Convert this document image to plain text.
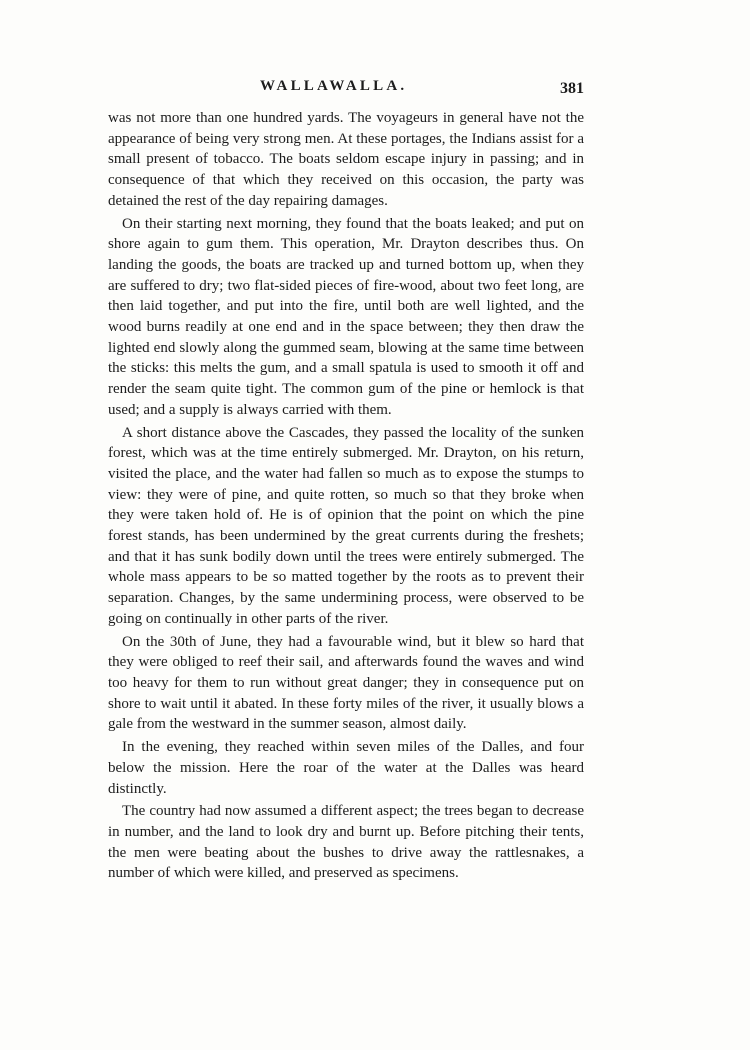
WALLAWALLA.	381

was not more than one hundred yards. The voyageurs in general have not the appearance of being very strong men. At these portages, the Indians assist for a small present of tobacco. The boats seldom escape injury in passing; and in consequence of that which they received on this occasion, the party was detained the rest of the day repairing damages.

On their starting next morning, they found that the boats leaked; and put on shore again to gum them. This operation, Mr. Drayton describes thus. On landing the goods, the boats are tracked up and turned bottom up, when they are suffered to dry; two flat-sided pieces of fire-wood, about two feet long, are then laid together, and put into the fire, until both are well lighted, and the wood burns readily at one end and in the space between; they then draw the lighted end slowly along the gummed seam, blowing at the same time between the sticks: this melts the gum, and a small spatula is used to smooth it off and render the seam quite tight. The common gum of the pine or hemlock is that used; and a supply is always carried with them.

A short distance above the Cascades, they passed the locality of the sunken forest, which was at the time entirely submerged. Mr. Drayton, on his return, visited the place, and the water had fallen so much as to expose the stumps to view: they were of pine, and quite rotten, so much so that they broke when they were taken hold of. He is of opinion that the point on which the pine forest stands, has been undermined by the great currents during the freshets; and that it has sunk bodily down until the trees were entirely submerged. The whole mass appears to be so matted together by the roots as to prevent their separation. Changes, by the same undermining process, were observed to be going on continually in other parts of the river.

On the 30th of June, they had a favourable wind, but it blew so hard that they were obliged to reef their sail, and afterwards found the waves and wind too heavy for them to run without great danger; they in consequence put on shore to wait until it abated. In these forty miles of the river, it usually blows a gale from the westward in the summer season, almost daily.

In the evening, they reached within seven miles of the Dalles, and four below the mission. Here the roar of the water at the Dalles was heard distinctly.

The country had now assumed a different aspect; the trees began to decrease in number, and the land to look dry and burnt up. Before pitching their tents, the men were beating about the bushes to drive away the rattlesnakes, a number of which were killed, and preserved as specimens.
